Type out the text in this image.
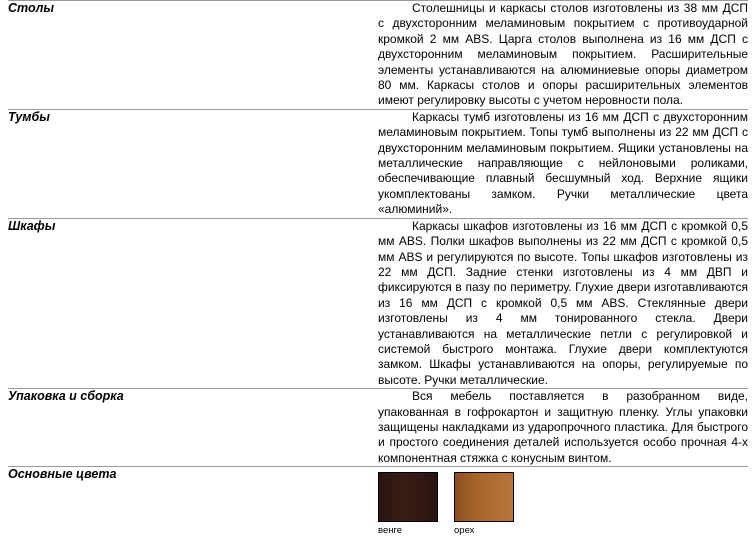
Столы	Столешницы и каркасы столов изготовлены из 38 мм ДСП с двухсторонним меламиновым покрытием с противоударной кромкой 2 мм ABS. Царга столов выполнена из 16 мм ДСП с двухсторонним меламиновым покрытием. Расширительные элементы устанавливаются на алюминиевые опоры диаметром 80 мм. Каркасы столов и опоры расширительных элементов имеют регулировку высоты с учетом неровности пола.

Тумбы	Каркасы тумб изготовлены из 16 мм ДСП с двухсторонним меламиновым покрытием. Топы тумб выполнены из 22 мм ДСП с двухсторонним меламиновым покрытием. Ящики установлены на металлические направляющие с нейлоновыми роликами, обеспечивающие плавный бесшумный ход. Верхние ящики укомплектованы замком. Ручки металлические цвета «алюминий».

Шкафы	Каркасы шкафов изготовлены из 16 мм ДСП с кромкой 0,5 мм ABS. Полки шкафов выполнены из 22 мм ДСП с кромкой 0,5 мм ABS и регулируются по высоте. Топы шкафов изготовлены из 22 мм ДСП. Задние стенки изготовлены из 4 мм ДВП и фиксируются в пазу по периметру. Глухие двери изготавливаются из 16 мм ДСП с кромкой 0,5 мм ABS. Стеклянные двери изготовлены из 4 мм тонированного стекла. Двери устанавливаются на металлические петли с регулировкой и системой быстрого монтажа. Глухие двери комплектуются замком. Шкафы устанавливаются на опоры, регулируемые по высоте. Ручки металлические.

Упаковка и сборка	Вся мебель поставляется в разобранном виде, упакованная в гофрокартон и защитную пленку. Углы упаковки защищены накладками из ударопрочного пластика. Для быстрого и простого соединения деталей используется особо прочная 4-х компонентная стяжка с конусным винтом.

Основные цвета	венге орех
